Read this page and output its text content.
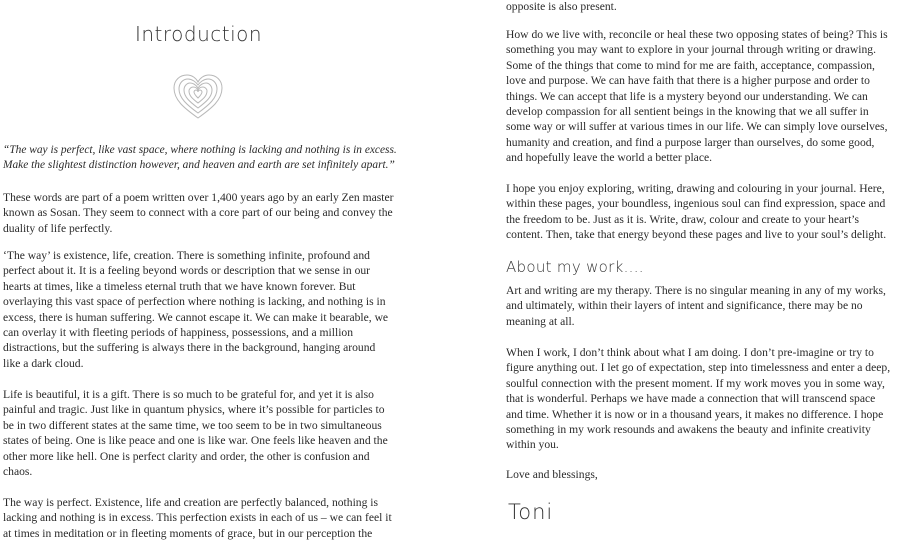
Introduction

“The way is perfect, like vast space, where nothing is lacking and nothing is in excess. Make the slightest distinction however, and heaven and earth are set infinitely apart.”

These words are part of a poem written over 1,400 years ago by an early Zen master known as Sosan. They seem to connect with a core part of our being and convey the duality of life perfectly.

‘The way’ is existence, life, creation. There is something infinite, profound and perfect about it. It is a feeling beyond words or description that we sense in our hearts at times, like a timeless eternal truth that we have known forever. But overlaying this vast space of perfection where nothing is lacking, and nothing is in excess, there is human suffering. We cannot escape it. We can make it bearable, we can overlay it with fleeting periods of happiness, possessions, and a million distractions, but the suffering is always there in the background, hanging around like a dark cloud.

Life is beautiful, it is a gift. There is so much to be grateful for, and yet it is also painful and tragic. Just like in quantum physics, where it’s possible for particles to be in two different states at the same time, we too seem to be in two simultaneous states of being. One is like peace and one is like war. One feels like heaven and the other more like hell. One is perfect clarity and order, the other is confusion and chaos.

The way is perfect. Existence, life and creation are perfectly balanced, nothing is lacking and nothing is in excess. This perfection exists in each of us – we can feel it at times in meditation or in fleeting moments of grace, but in our perception the

opposite is also present.

How do we live with, reconcile or heal these two opposing states of being? This is something you may want to explore in your journal through writing or drawing. Some of the things that come to mind for me are faith, acceptance, compassion, love and purpose. We can have faith that there is a higher purpose and order to things. We can accept that life is a mystery beyond our understanding. We can develop compassion for all sentient beings in the knowing that we all suffer in some way or will suffer at various times in our life. We can simply love ourselves, humanity and creation, and find a purpose larger than ourselves, do some good, and hopefully leave the world a better place.

I hope you enjoy exploring, writing, drawing and colouring in your journal. Here, within these pages, your boundless, ingenious soul can find expression, space and the freedom to be. Just as it is. Write, draw, colour and create to your heart’s content. Then, take that energy beyond these pages and live to your soul’s delight.

About my work....

Art and writing are my therapy. There is no singular meaning in any of my works, and ultimately, within their layers of intent and significance, there may be no meaning at all.

When I work, I don’t think about what I am doing. I don’t pre-imagine or try to figure anything out. I let go of expectation, step into timelessness and enter a deep, soulful connection with the present moment. If my work moves you in some way, that is wonderful. Perhaps we have made a connection that will transcend space and time. Whether it is now or in a thousand years, it makes no difference. I hope something in my work resounds and awakens the beauty and infinite creativity within you.

Love and blessings,

Toni
